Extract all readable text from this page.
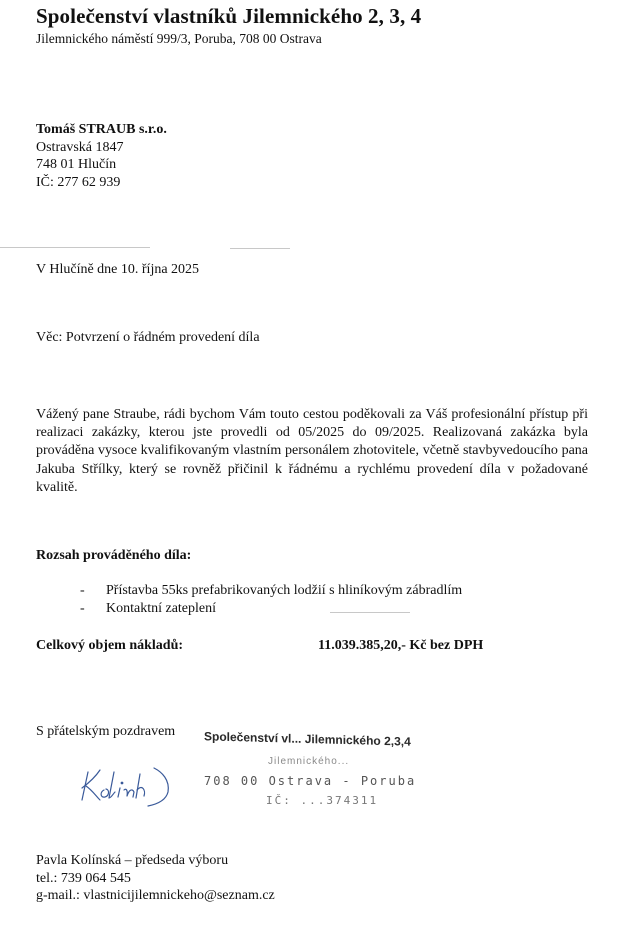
Společenství vlastníků Jilemnického 2, 3, 4
Jilemnického náměstí 999/3, Poruba, 708 00 Ostrava
Tomáš STRAUB s.r.o.
Ostravská 1847
748 01 Hlučín
IČ: 277 62 939
V Hlučíně dne 10. října 2025
Věc: Potvrzení o řádném provedení díla
Vážený pane Straube, rádi bychom Vám touto cestou poděkovali za Váš profesionální přístup při realizaci zakázky, kterou jste provedli od 05/2025 do 09/2025. Realizovaná zakázka byla prováděna vysoce kvalifikovaným vlastním personálem zhotovitele, včetně stavbyvedoucího pana Jakuba Střílky, který se rovněž přičinil k řádnému a rychlému provedení díla v požadované kvalitě.
Rozsah prováděného díla:
- Přístavba 55ks prefabrikovaných lodžií s hliníkovým zábradlím
- Kontaktní zateplení
Celkový objem nákladů:	11.039.385,20,- Kč bez DPH
S přátelským pozdravem Společenství vl... Jilemnického 2,3,4
Jilemnického...
708 00 Ostrava - Poruba
IČ: ...374311
Pavla Kolínská – předseda výboru
tel.: 739 064 545
g-mail.: vlastnicijilemnickeho@seznam.cz
